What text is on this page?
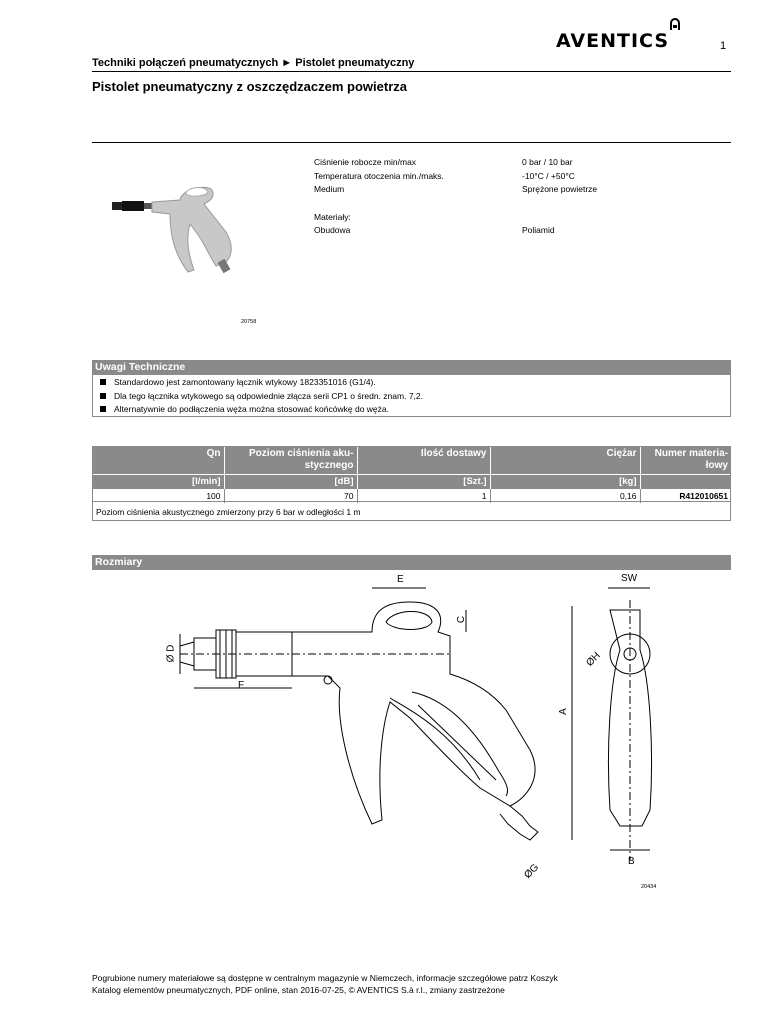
AVENTICS	1
Techniki połączeń pneumatycznych ► Pistolet pneumatyczny
Pistolet pneumatyczny z oszczędzaczem powietrza
20758
Ciśnienie robocze min/max	0 bar / 10 bar
Temperatura otoczenia min./maks.	-10°C / +50°C
Medium	Sprężone powietrze
Materiały:
Obudowa	Poliamid
Uwagi Techniczne
Standardowo jest zamontowany łącznik wtykowy 1823351016 (G1/4).
Dla tego łącznika wtykowego są odpowiednie złącza serii CP1 o średn. znam. 7,2.
Alternatywnie do podłączenia węża można stosować końcówkę do węża.
Qn	Poziom ciśnienia aku- stycznego	Ilość dostawy	Ciężar	Numer materia- łowy
[l/min]	[dB]	[Szt.]	[kg]	
100	70	1	0,16	R412010651
Poziom ciśnienia akustycznego zmierzony przy 6 bar w odległości 1 m
Rozmiary
E	SW
C
Ø D	ØH
F
A
ØG
B
20434
Pogrubione numery materiałowe są dostępne w centralnym magazynie w Niemczech, informacje szczegółowe patrz Koszyk
Katalog elementów pneumatycznych, PDF online, stan 2016-07-25, © AVENTICS S.à r.l., zmiany zastrzeżone
